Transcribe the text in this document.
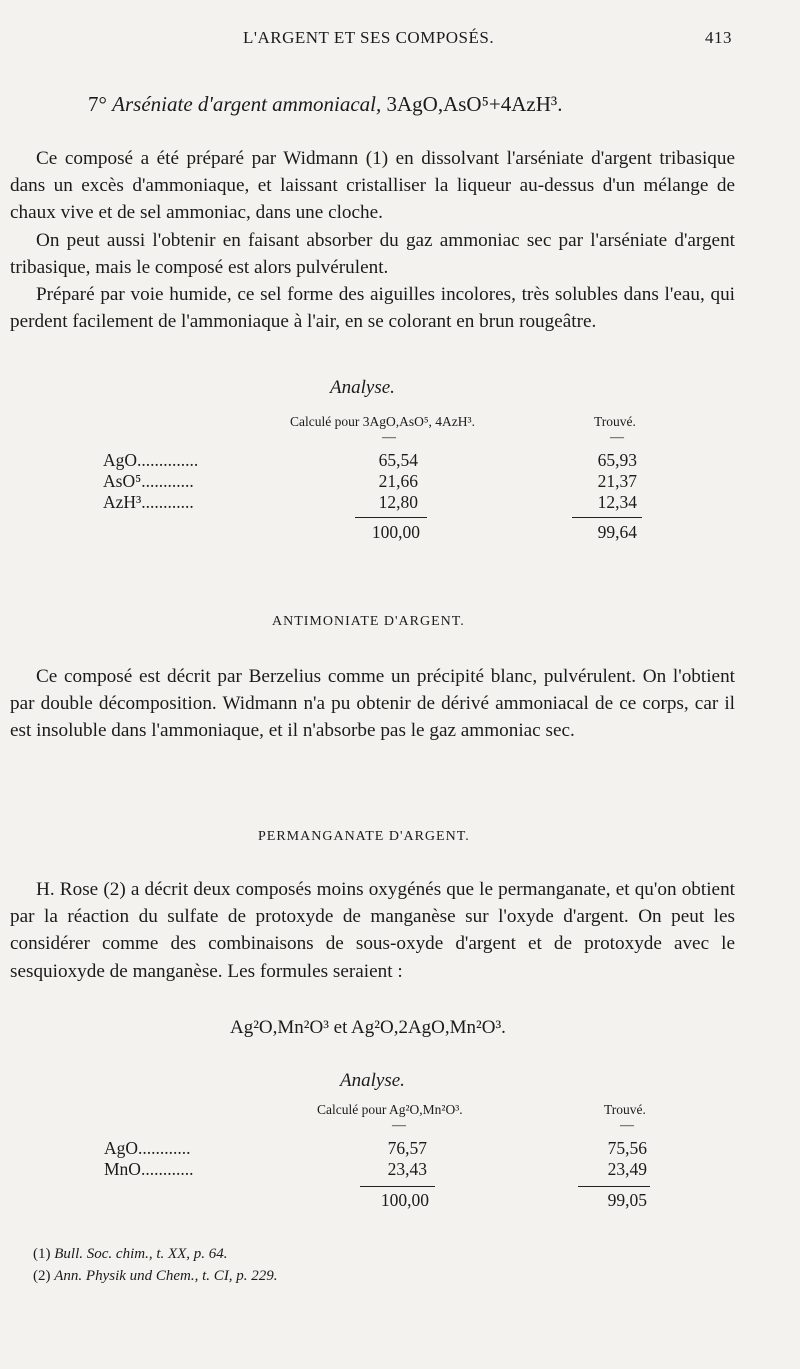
L'ARGENT ET SES COMPOSÉS.	413
7° Arséniate d'argent ammoniacal, 3AgO,AsO⁵+4AzH³.

Ce composé a été préparé par Widmann (1) en dissolvant l'arséniate d'argent tribasique dans un excès d'ammoniaque, et laissant cristalliser la liqueur au-dessus d'un mélange de chaux vive et de sel ammoniac, dans une cloche.

On peut aussi l'obtenir en faisant absorber du gaz ammoniac sec par l'arséniate d'argent tribasique, mais le composé est alors pulvérulent.

Préparé par voie humide, ce sel forme des aiguilles incolores, très solubles dans l'eau, qui perdent facilement de l'ammoniaque à l'air, en se colorant en brun rougeâtre.

Analyse.
Calculé pour 3AgO,AsO⁵, 4AzH³.	Trouvé.
—	—
AgO..............	65,54	65,93
AsO⁵............	21,66	21,37
AzH³............	12,80	12,34
100,00	99,64
ANTIMONIATE D'ARGENT.

Ce composé est décrit par Berzelius comme un précipité blanc, pulvérulent. On l'obtient par double décomposition. Widmann n'a pu obtenir de dérivé ammoniacal de ce corps, car il est insoluble dans l'ammoniaque, et il n'absorbe pas le gaz ammoniac sec.

PERMANGANATE D'ARGENT.

H. Rose (2) a décrit deux composés moins oxygénés que le permanganate, et qu'on obtient par la réaction du sulfate de protoxyde de manganèse sur l'oxyde d'argent. On peut les considérer comme des combinaisons de sous-oxyde d'argent et de protoxyde avec le sesquioxyde de manganèse. Les formules seraient :

Ag²O,Mn²O³ et Ag²O,2AgO,Mn²O³.
Analyse.
Calculé pour Ag²O,Mn²O³.	Trouvé.
—	—
AgO............	76,57	75,56
MnO............	23,43	23,49
100,00	99,05
(1) Bull. Soc. chim., t. XX, p. 64.
(2) Ann. Physik und Chem., t. CI, p. 229.
